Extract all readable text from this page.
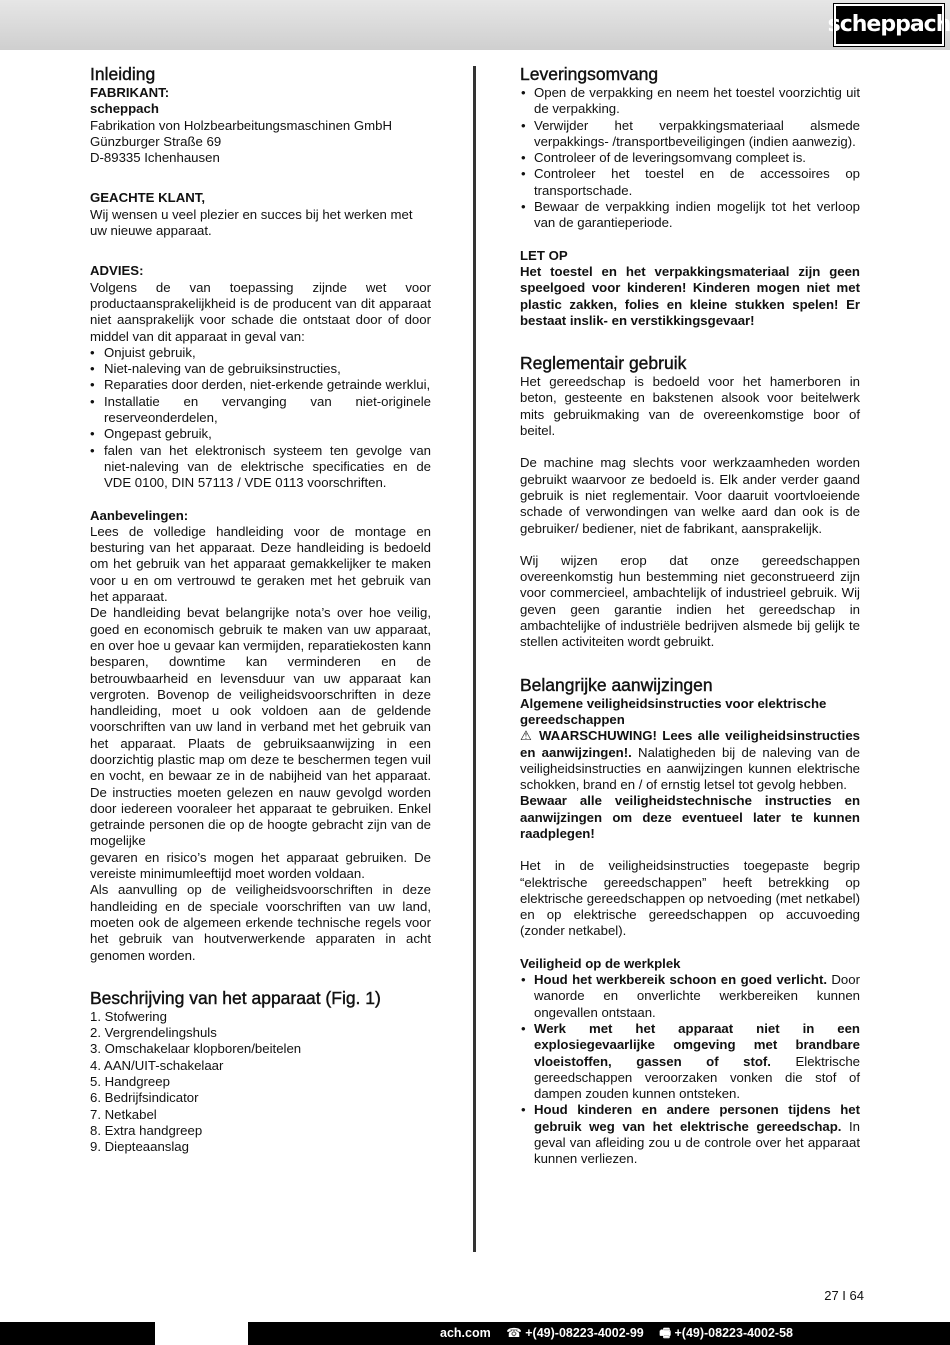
scheppach
Inleiding

FABRIKANT:

scheppach

Fabrikation von Holzbearbeitungsmaschinen GmbH

Günzburger Straße 69

D-89335 Ichenhausen

GEACHTE KLANT,

Wij wensen u veel plezier en succes bij het werken met uw nieuwe apparaat.

ADVIES:

Volgens de van toepassing zijnde wet voor productaansprakelijkheid is de producent van dit apparaat niet aansprakelijk voor schade die ontstaat door of door middel van dit apparaat in geval van:

• Onjuist gebruik,
• Niet-naleving van de gebruiksinstructies,
• Reparaties door derden, niet-erkende getrainde werklui,
• Installatie en vervanging van niet-originele reserveonderdelen,
• Ongepast gebruik,
• falen van het elektronisch systeem ten gevolge van niet-naleving van de elektrische specificaties en de VDE 0100, DIN 57113 / VDE 0113 voorschriften.

Aanbevelingen:

Lees de volledige handleiding voor de montage en besturing van het apparaat. Deze handleiding is bedoeld om het gebruik van het apparaat gemakkelijker te maken voor u en om vertrouwd te geraken met het gebruik van het apparaat.

De handleiding bevat belangrijke nota’s over hoe veilig, goed en economisch gebruik te maken van uw apparaat, en over hoe u gevaar kan vermijden, reparatiekosten kann besparen, downtime kan verminderen en de betrouwbaarheid en levensduur van uw apparaat kan vergroten. Bovenop de veiligheidsvoorschriften in deze handleiding, moet u ook voldoen aan de geldende voorschriften van uw land in verband met het gebruik van het apparaat. Plaats de gebruiksaanwijzing in een doorzichtig plastic map om deze te beschermen tegen vuil en vocht, en bewaar ze in de nabijheid van het apparaat. De instructies moeten gelezen en nauw gevolgd worden door iedereen vooraleer het apparaat te gebruiken. Enkel getrainde personen die op de hoogte gebracht zijn van de mogelijke

gevaren en risico’s mogen het apparaat gebruiken. De vereiste minimumleeftijd moet worden voldaan.

Als aanvulling op de veiligheidsvoorschriften in deze handleiding en de speciale voorschriften van uw land, moeten ook de algemeen erkende technische regels voor het gebruik van houtverwerkende apparaten in acht genomen worden.

Beschrijving van het apparaat (Fig. 1)
1. Stofwering
2. Vergrendelingshuls
3. Omschakelaar klopboren/beitelen
4. AAN/UIT-schakelaar
5. Handgreep
6. Bedrijfsindicator
7. Netkabel
8. Extra handgreep
9. Diepteaanslag
Leveringsomvang
• Open de verpakking en neem het toestel voorzichtig uit de verpakking.
• Verwijder het verpakkingsmateriaal alsmede verpakkings- /transportbeveiligingen (indien aanwezig).
• Controleer of de leveringsomvang compleet is.
• Controleer het toestel en de accessoires op transportschade.
• Bewaar de verpakking indien mogelijk tot het verloop van de garantieperiode.

LET OP

Het toestel en het verpakkingsmateriaal zijn geen speelgoed voor kinderen! Kinderen mogen niet met plastic zakken, folies en kleine stukken spelen! Er bestaat inslik- en verstikkingsgevaar!

Reglementair gebruik

Het gereedschap is bedoeld voor het hamerboren in beton, gesteente en bakstenen alsook voor beitelwerk mits gebruikmaking van de overeenkomstige boor of beitel.

De machine mag slechts voor werkzaamheden worden gebruikt waarvoor ze bedoeld is. Elk ander verder gaand gebruik is niet reglementair. Voor daaruit voortvloeiende schade of verwondingen van welke aard dan ook is de gebruiker/ bediener, niet de fabrikant, aansprakelijk.

Wij wijzen erop dat onze gereedschappen overeenkomstig hun bestemming niet geconstrueerd zijn voor commercieel, ambachtelijk of industrieel gebruik. Wij geven geen garantie indien het gereedschap in ambachtelijke of industriële bedrijven alsmede bij gelijk te stellen activiteiten wordt gebruikt.

Belangrijke aanwijzingen

Algemene veiligheidsinstructies voor elektrische gereedschappen

⚠ WAARSCHUWING! Lees alle veiligheidsinstructies en aanwijzingen!. Nalatigheden bij de naleving van de veiligheidsinstructies en aanwijzingen kunnen elektrische schokken, brand en / of ernstig letsel tot gevolg hebben.

Bewaar alle veiligheidstechnische instructies en aanwijzingen om deze eventueel later te kunnen raadplegen!

Het in de veiligheidsinstructies toegepaste begrip “elektrische gereedschappen” heeft betrekking op elektrische gereedschappen op netvoeding (met netkabel) en op elektrische gereedschappen op accuvoeding (zonder netkabel).

Veiligheid op de werkplek

• Houd het werkbereik schoon en goed verlicht. Door wanorde en onverlichte werkbereiken kunnen ongevallen ontstaan.
• Werk met het apparaat niet in een explosiegevaarlijke omgeving met brandbare vloeistoffen, gassen of stof. Elektrische gereedschappen veroorzaken vonken die stof of dampen zouden kunnen ontsteken.
• Houd kinderen en andere personen tijdens het gebruik weg van het elektrische gereedschap. In geval van afleiding zou u de controle over het apparaat kunnen verliezen.
27 I 64
ach.com ☎ +(49)-08223-4002-99 🖷 +(49)-08223-4002-58
